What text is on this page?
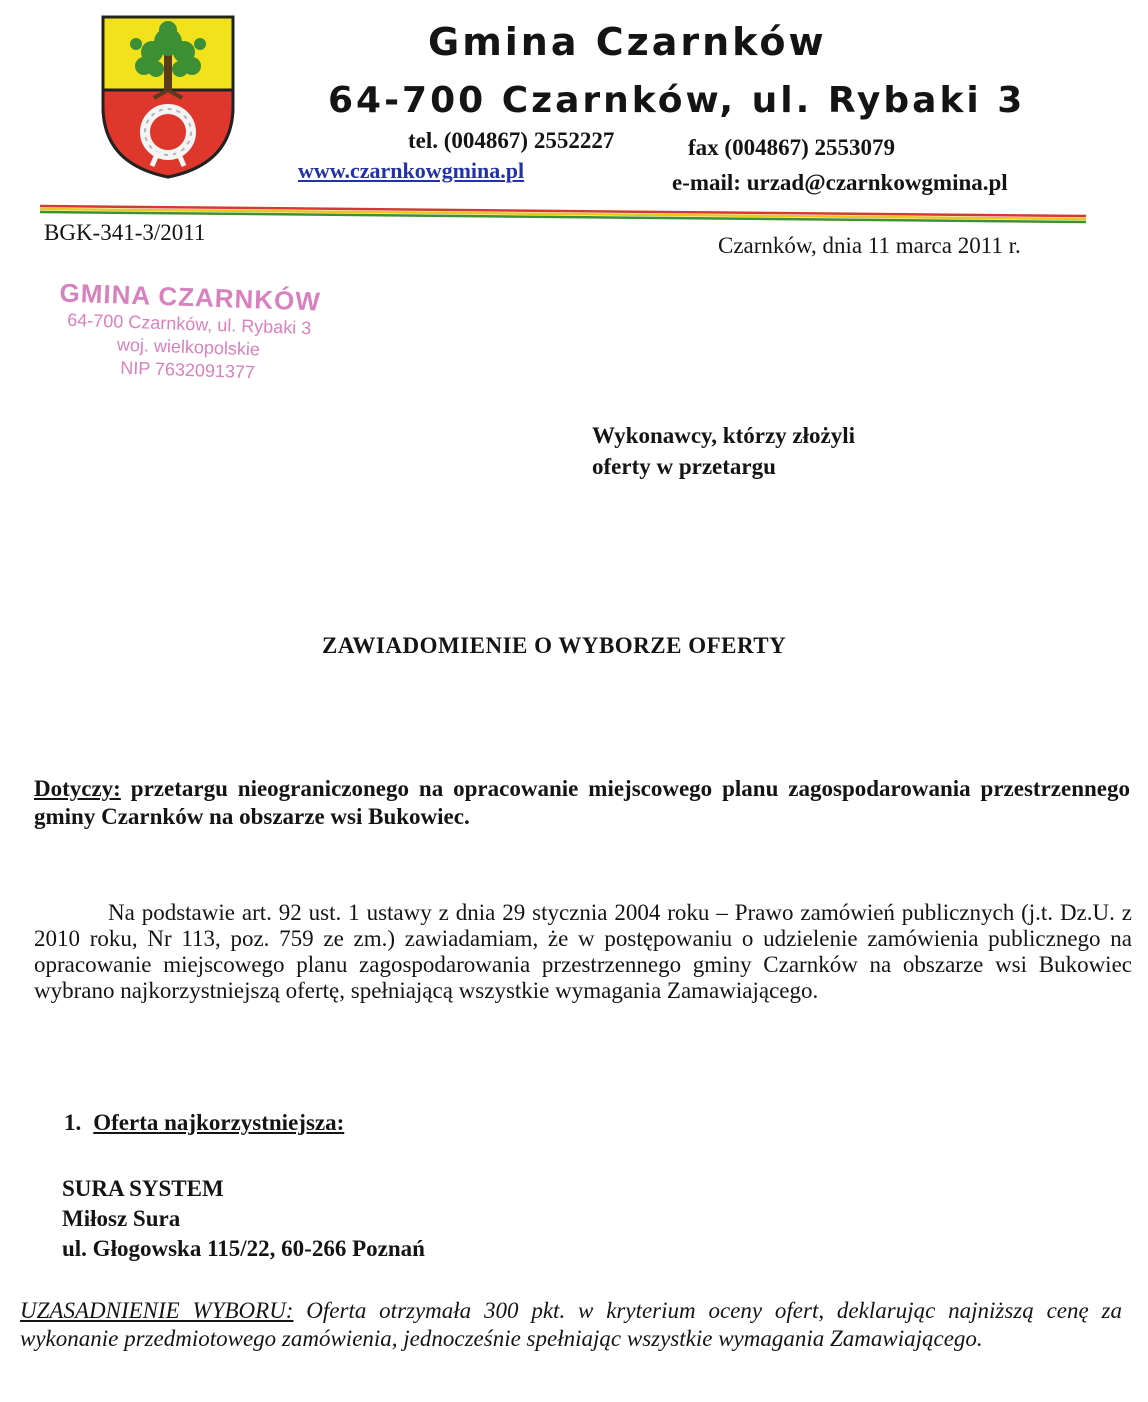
Gmina Czarnków
64-700 Czarnków, ul. Rybaki 3
tel. (004867) 2552227	fax (004867) 2553079
www.czarnkowgmina.pl	e-mail: urzad@czarnkowgmina.pl
BGK-341-3/2011
Czarnków, dnia 11 marca 2011 r.
GMINA CZARNKÓW
64-700 Czarnków, ul. Rybaki 3
woj. wielkopolskie
NIP 7632091377
Wykonawcy, którzy złożyli
oferty w przetargu
ZAWIADOMIENIE O WYBORZE OFERTY
Dotyczy: przetargu nieograniczonego na opracowanie miejscowego planu zagospodarowania przestrzennego gminy Czarnków na obszarze wsi Bukowiec.
Na podstawie art. 92 ust. 1 ustawy z dnia 29 stycznia 2004 roku – Prawo zamówień publicznych (j.t. Dz.U. z 2010 roku, Nr 113, poz. 759 ze zm.) zawiadamiam, że w postępowaniu o udzielenie zamówienia publicznego na opracowanie miejscowego planu zagospodarowania przestrzennego gminy Czarnków na obszarze wsi Bukowiec wybrano najkorzystniejszą ofertę, spełniającą wszystkie wymagania Zamawiającego.
1. Oferta najkorzystniejsza:
SURA SYSTEM
Miłosz Sura
ul. Głogowska 115/22, 60-266 Poznań
UZASADNIENIE WYBORU: Oferta otrzymała 300 pkt. w kryterium oceny ofert, deklarując najniższą cenę za wykonanie przedmiotowego zamówienia, jednocześnie spełniając wszystkie wymagania Zamawiającego.
